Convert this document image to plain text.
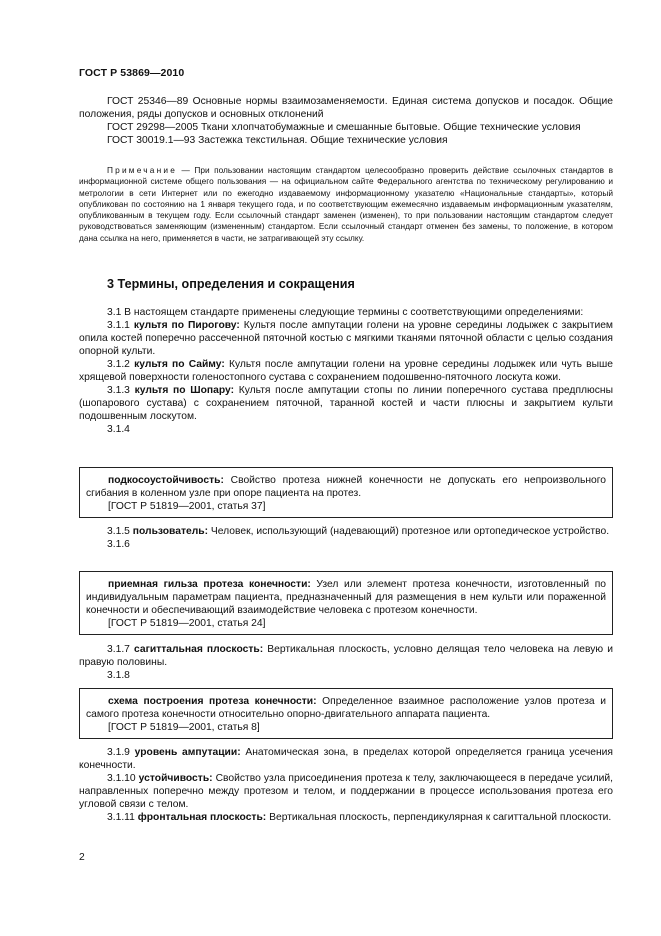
ГОСТ Р 53869—2010

ГОСТ 25346—89 Основные нормы взаимозаменяемости. Единая система допусков и посадок. Общие положения, ряды допусков и основных отклонений

ГОСТ 29298—2005 Ткани хлопчатобумажные и смешанные бытовые. Общие технические условия

ГОСТ 30019.1—93 Застежка текстильная. Общие технические условия

Примечание — При пользовании настоящим стандартом целесообразно проверить действие ссылочных стандартов в информационной системе общего пользования — на официальном сайте Федерального агентства по техническому регулированию и метрологии в сети Интернет или по ежегодно издаваемому информационному указателю «Национальные стандарты», который опубликован по состоянию на 1 января текущего года, и по соответствующим ежемесячно издаваемым информационным указателям, опубликованным в текущем году. Если ссылочный стандарт заменен (изменен), то при пользовании настоящим стандартом следует руководствоваться заменяющим (измененным) стандартом. Если ссылочный стандарт отменен без замены, то положение, в котором дана ссылка на него, применяется в части, не затрагивающей эту ссылку.

3 Термины, определения и сокращения

3.1 В настоящем стандарте применены следующие термины с соответствующими определениями:

3.1.1 культя по Пирогову: Культя после ампутации голени на уровне середины лодыжек с закрытием опила костей поперечно рассеченной пяточной костью с мягкими тканями пяточной области с целью создания опорной культи.

3.1.2 культя по Сайму: Культя после ампутации голени на уровне середины лодыжек или чуть выше хрящевой поверхности голеностопного сустава с сохранением подошвенно-пяточного лоскута кожи.

3.1.3 культя по Шопару: Культя после ампутации стопы по линии поперечного сустава предплюсны (шопарового сустава) с сохранением пяточной, таранной костей и части плюсны и закрытием культи подошвенным лоскутом.

3.1.4

подкосоустойчивость: Свойство протеза нижней конечности не допускать его непроизвольного сгибания в коленном узле при опоре пациента на протез.

[ГОСТ Р 51819—2001, статья 37]

3.1.5 пользователь: Человек, использующий (надевающий) протезное или ортопедическое устройство.

3.1.6

приемная гильза протеза конечности: Узел или элемент протеза конечности, изготовленный по индивидуальным параметрам пациента, предназначенный для размещения в нем культи или пораженной конечности и обеспечивающий взаимодействие человека с протезом конечности.

[ГОСТ Р 51819—2001, статья 24]

3.1.7 сагиттальная плоскость: Вертикальная плоскость, условно делящая тело человека на левую и правую половины.

3.1.8

схема построения протеза конечности: Определенное взаимное расположение узлов протеза и самого протеза конечности относительно опорно-двигательного аппарата пациента.

[ГОСТ Р 51819—2001, статья 8]

3.1.9 уровень ампутации: Анатомическая зона, в пределах которой определяется граница усечения конечности.

3.1.10 устойчивость: Свойство узла присоединения протеза к телу, заключающееся в передаче усилий, направленных поперечно между протезом и телом, и поддержании в процессе использования протеза его угловой связи с телом.

3.1.11 фронтальная плоскость: Вертикальная плоскость, перпендикулярная к сагиттальной плоскости.

2
